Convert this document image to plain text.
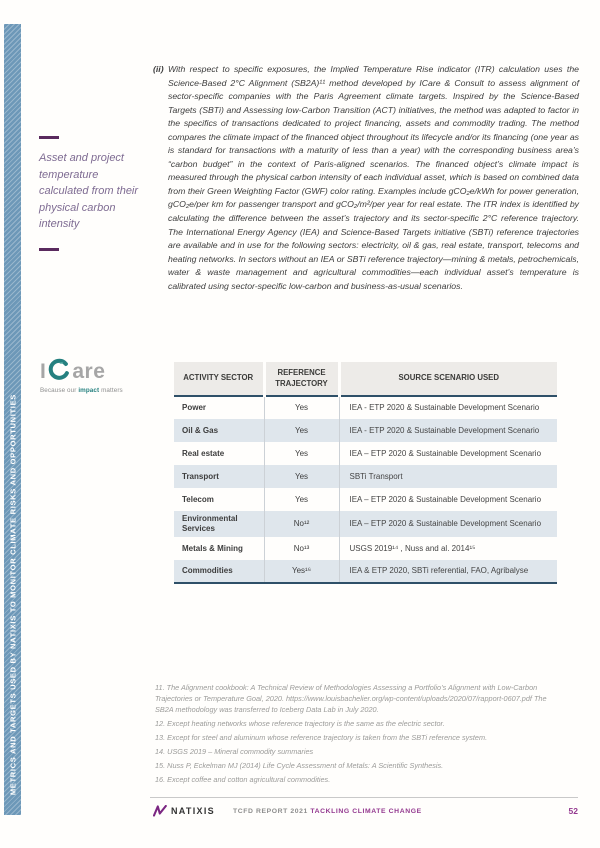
METRICS AND TARGETS USED BY NATIXIS TO MONITOR CLIMATE RISKS AND OPPORTUNITIES

Asset and project temperature calculated from their physical carbon intensity

I are
Because our impact matters

(ii) With respect to specific exposures, the Implied Temperature Rise indicator (ITR) calculation uses the Science-Based 2°C Alignment (SB2A)¹¹ method developed by ICare & Consult to assess alignment of sector-specific companies with the Paris Agreement climate targets. Inspired by the Science-Based Targets (SBTi) and Assessing low-Carbon Transition (ACT) initiatives, the method was adapted to factor in the specifics of transactions dedicated to project financing, assets and commodity trading. The method compares the climate impact of the financed object throughout its lifecycle and/or its financing (one year as is standard for transactions with a maturity of less than a year) with the corresponding business area’s “carbon budget” in the context of Paris-aligned scenarios. The financed object’s climate impact is measured through the physical carbon intensity of each individual asset, which is based on combined data from their Green Weighting Factor (GWF) color rating. Examples include gCO₂e/kWh for power generation, gCO₂e/per km for passenger transport and gCO₂/m²/per year for real estate. The ITR index is identified by calculating the difference between the asset’s trajectory and its sector-specific 2°C reference trajectory. The International Energy Agency (IEA) and Science-Based Targets initiative (SBTi) reference trajectories are available and in use for the following sectors: electricity, oil & gas, real estate, transport, telecoms and heating networks. In sectors without an IEA or SBTi reference trajectory—mining & metals, petrochemicals, water & waste management and agricultural commodities—each individual asset’s temperature is calibrated using sector-specific low-carbon and business-as-usual scenarios.

ACTIVITY SECTOR	REFERENCE TRAJECTORY	SOURCE SCENARIO USED
Power	Yes	IEA - ETP 2020 & Sustainable Development Scenario
Oil & Gas	Yes	IEA - ETP 2020 & Sustainable Development Scenario
Real estate	Yes	IEA – ETP 2020 & Sustainable Development Scenario
Transport	Yes	SBTi Transport
Telecom	Yes	IEA – ETP 2020 & Sustainable Development Scenario
Environmental Services	No¹²	IEA – ETP 2020 & Sustainable Development Scenario
Metals & Mining	No¹³	USGS 2019¹⁴ , Nuss and al. 2014¹⁵
Commodities	Yes¹⁶	IEA & ETP 2020, SBTi referential, FAO, Agribalyse

11. The Alignment cookbook: A Technical Review of Methodologies Assessing a Portfolio’s Alignment with Low-Carbon Trajectories or Temperature Goal, 2020. https://www.louisbachelier.org/wp-content/uploads/2020/07/rapport-0607.pdf The SB2A methodology was transferred to Iceberg Data Lab in July 2020.

12. Except heating networks whose reference trajectory is the same as the electric sector.

13. Except for steel and aluminum whose reference trajectory is taken from the SBTi reference system.

14. USGS 2019 – Mineral commodity summaries

15. Nuss P, Eckelman MJ (2014) Life Cycle Assessment of Metals: A Scientific Synthesis.

16. Except coffee and cotton agricultural commodities.

NATIXIS	TCFD REPORT 2021 TACKLING CLIMATE CHANGE	52
